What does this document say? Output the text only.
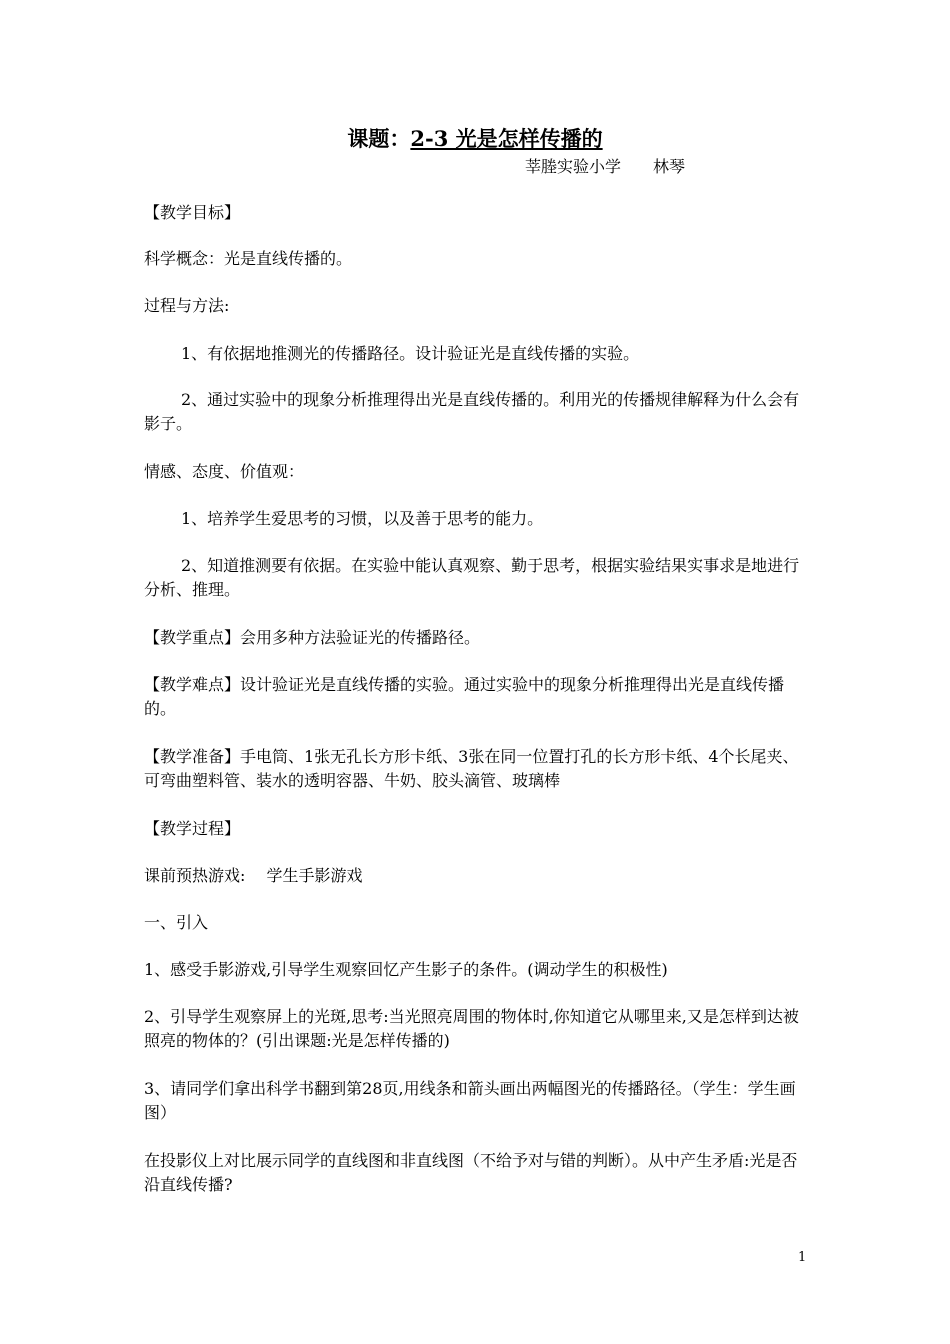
课题：2-3 光是怎样传播的
莘塍实验小学　　林琴
【教学目标】
科学概念：光是直线传播的。
过程与方法:
1、有依据地推测光的传播路径。设计验证光是直线传播的实验。
2、通过实验中的现象分析推理得出光是直线传播的。利用光的传播规律解释为什么会有影子。
情感、态度、价值观：
1、培养学生爱思考的习惯，以及善于思考的能力。
2、知道推测要有依据。在实验中能认真观察、勤于思考，根据实验结果实事求是地进行分析、推理。
【教学重点】会用多种方法验证光的传播路径。
【教学难点】设计验证光是直线传播的实验。通过实验中的现象分析推理得出光是直线传播的。
【教学准备】手电筒、1张无孔长方形卡纸、3张在同一位置打孔的长方形卡纸、4个长尾夹、可弯曲塑料管、装水的透明容器、牛奶、胶头滴管、玻璃棒
【教学过程】
课前预热游戏:　 学生手影游戏
一、引入
1、感受手影游戏,引导学生观察回忆产生影子的条件。(调动学生的积极性)
2、引导学生观察屏上的光斑,思考:当光照亮周围的物体时,你知道它从哪里来,又是怎样到达被照亮的物体的？(引出课题:光是怎样传播的)
3、请同学们拿出科学书翻到第28页,用线条和箭头画出两幅图光的传播路径。（学生：学生画图）
在投影仪上对比展示同学的直线图和非直线图（不给予对与错的判断）。从中产生矛盾:光是否沿直线传播?
1
